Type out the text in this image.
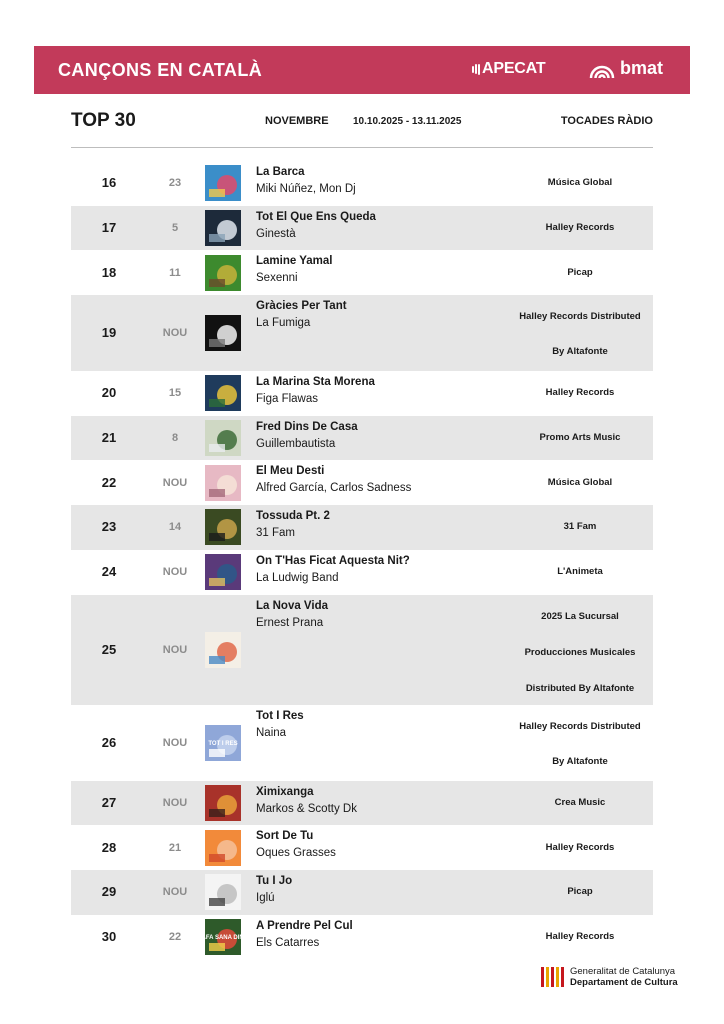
CANÇONS EN CATALÀ	APECAT	bmat
TOP 30	NOVEMBRE 10.10.2025 - 13.11.2025	TOCADES RÀDIO
16	23
La Barca
Miki Núñez, Mon Dj
Música Global
17	5
Tot El Que Ens Queda
Ginestà
Halley Records
18	11
Lamine Yamal
Sexenni
Picap
19	NOU
Gràcies Per Tant
La Fumiga
Halley Records Distributed
By Altafonte
20	15
La Marina Sta Morena
Figa Flawas
Halley Records
21	8
Fred Dins De Casa
Guillembautista
Promo Arts Music
22	NOU
El Meu Desti
Alfred García, Carlos Sadness
Música Global
23	14
Tossuda Pt. 2
31 Fam
31 Fam
24	NOU
On T'Has Ficat Aquesta Nit?
La Ludwig Band
L'Animeta
25	NOU
La Nova Vida
Ernest Prana
2025 La Sucursal
Producciones Musicales
Distributed By Altafonte
26	NOU	TOT I RES
Tot I Res
Naina
Halley Records Distributed
By Altafonte
27	NOU
Ximixanga
Markos & Scotty Dk
Crea Music
28	21
Sort De Tu
Oques Grasses
Halley Records
29	NOU
Tu I Jo
Iglú
Picap
30	22	TAFA SANA DINS
A Prendre Pel Cul
Els Catarres
Halley Records
Generalitat de Catalunya
Departament de Cultura
